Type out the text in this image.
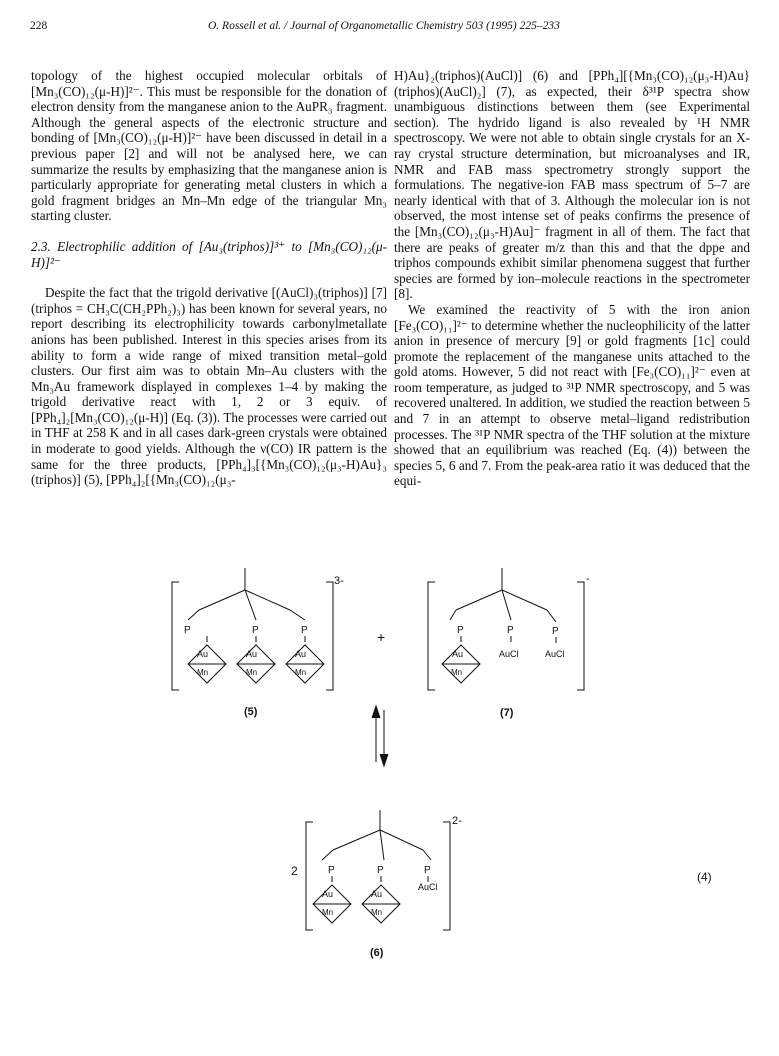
228	O. Rossell et al. / Journal of Organometallic Chemistry 503 (1995) 225–233

topology of the highest occupied molecular orbitals of [Mn₃(CO)₁₂(μ-H)]²⁻. This must be responsible for the donation of electron density from the manganese anion to the AuPR₃ fragment. Although the general aspects of the electronic structure and bonding of [Mn₃(CO)₁₂(μ-H)]²⁻ have been discussed in detail in a previous paper [2] and will not be analysed here, we can summarize the results by emphasizing that the manganese anion is particularly appropriate for generating metal clusters in which a gold fragment bridges an Mn–Mn edge of the triangular Mn₃ starting cluster.

2.3. Electrophilic addition of [Au₃(triphos)]³⁺ to [Mn₃(CO)₁₂(μ-H)]²⁻

Despite the fact that the trigold derivative [(AuCl)₃(triphos)] [7] (triphos = CH₃C(CH₂PPh₂)₃) has been known for several years, no report describing its electrophilicity towards carbonylmetallate anions has been published. Interest in this species arises from its ability to form a wide range of mixed transition metal–gold clusters. Our first aim was to obtain Mn–Au clusters with the Mn₃Au framework displayed in complexes 1–4 by making the trigold derivative react with 1, 2 or 3 equiv. of [PPh₄]₂[Mn₃(CO)₁₂(μ-H)] (Eq. (3)). The processes were carried out in THF at 258 K and in all cases dark-green crystals were obtained in moderate to good yields. Although the ν(CO) IR pattern is the same for the three products, [PPh₄]₃[{Mn₃(CO)₁₂(μ₃-H)Au}₃ (triphos)] (5), [PPh₄]₂[{Mn₃(CO)₁₂(μ₃-

H)Au}₂(triphos)(AuCl)] (6) and [PPh₄][{Mn₃(CO)₁₂(μ₃-H)Au}(triphos)(AuCl)₂] (7), as expected, their δ³¹P spectra show unambiguous distinctions between them (see Experimental section). The hydrido ligand is also revealed by ¹H NMR spectroscopy. We were not able to obtain single crystals for an X-ray crystal structure determination, but microanalyses and IR, NMR and FAB mass spectrometry strongly support the formulations. The negative-ion FAB mass spectrum of 5–7 are nearly identical with that of 3. Although the molecular ion is not observed, the most intense set of peaks confirms the presence of the [Mn₃(CO)₁₂(μ₃-H)Au]⁻ fragment in all of them. The fact that there are peaks of greater m/z than this and that the dppe and triphos compounds exhibit similar phenomena suggest that further species are formed by ion–molecule reactions in the spectrometer [8].

We examined the reactivity of 5 with the iron anion [Fe₃(CO)₁₁]²⁻ to determine whether the nucleophilicity of the latter anion in presence of mercury [9] or gold fragments [1c] could promote the replacement of the manganese units attached to the gold atoms. However, 5 did not react with [Fe₃(CO)₁₁]²⁻ even at room temperature, as judged to ³¹P NMR spectroscopy, and 5 was recovered unaltered. In addition, we studied the reaction between 5 and 7 in an attempt to observe metal–ligand redistribution processes. The ³¹P NMR spectra of the THF solution at the mixture showed that an equilibrium was reached (Eq. (4)) between the species 5, 6 and 7. From the peak-area ratio it was deduced that the equi-

3-
P	P	P
Au	Au	Au
Mn	Mn	Mn
(5)
+
-
P	P	P
Au	AuCl	AuCl
Mn
(7)
2-
2	P	P	P
Au	Au
AuCl
Mn	Mn
(6)
(4)
